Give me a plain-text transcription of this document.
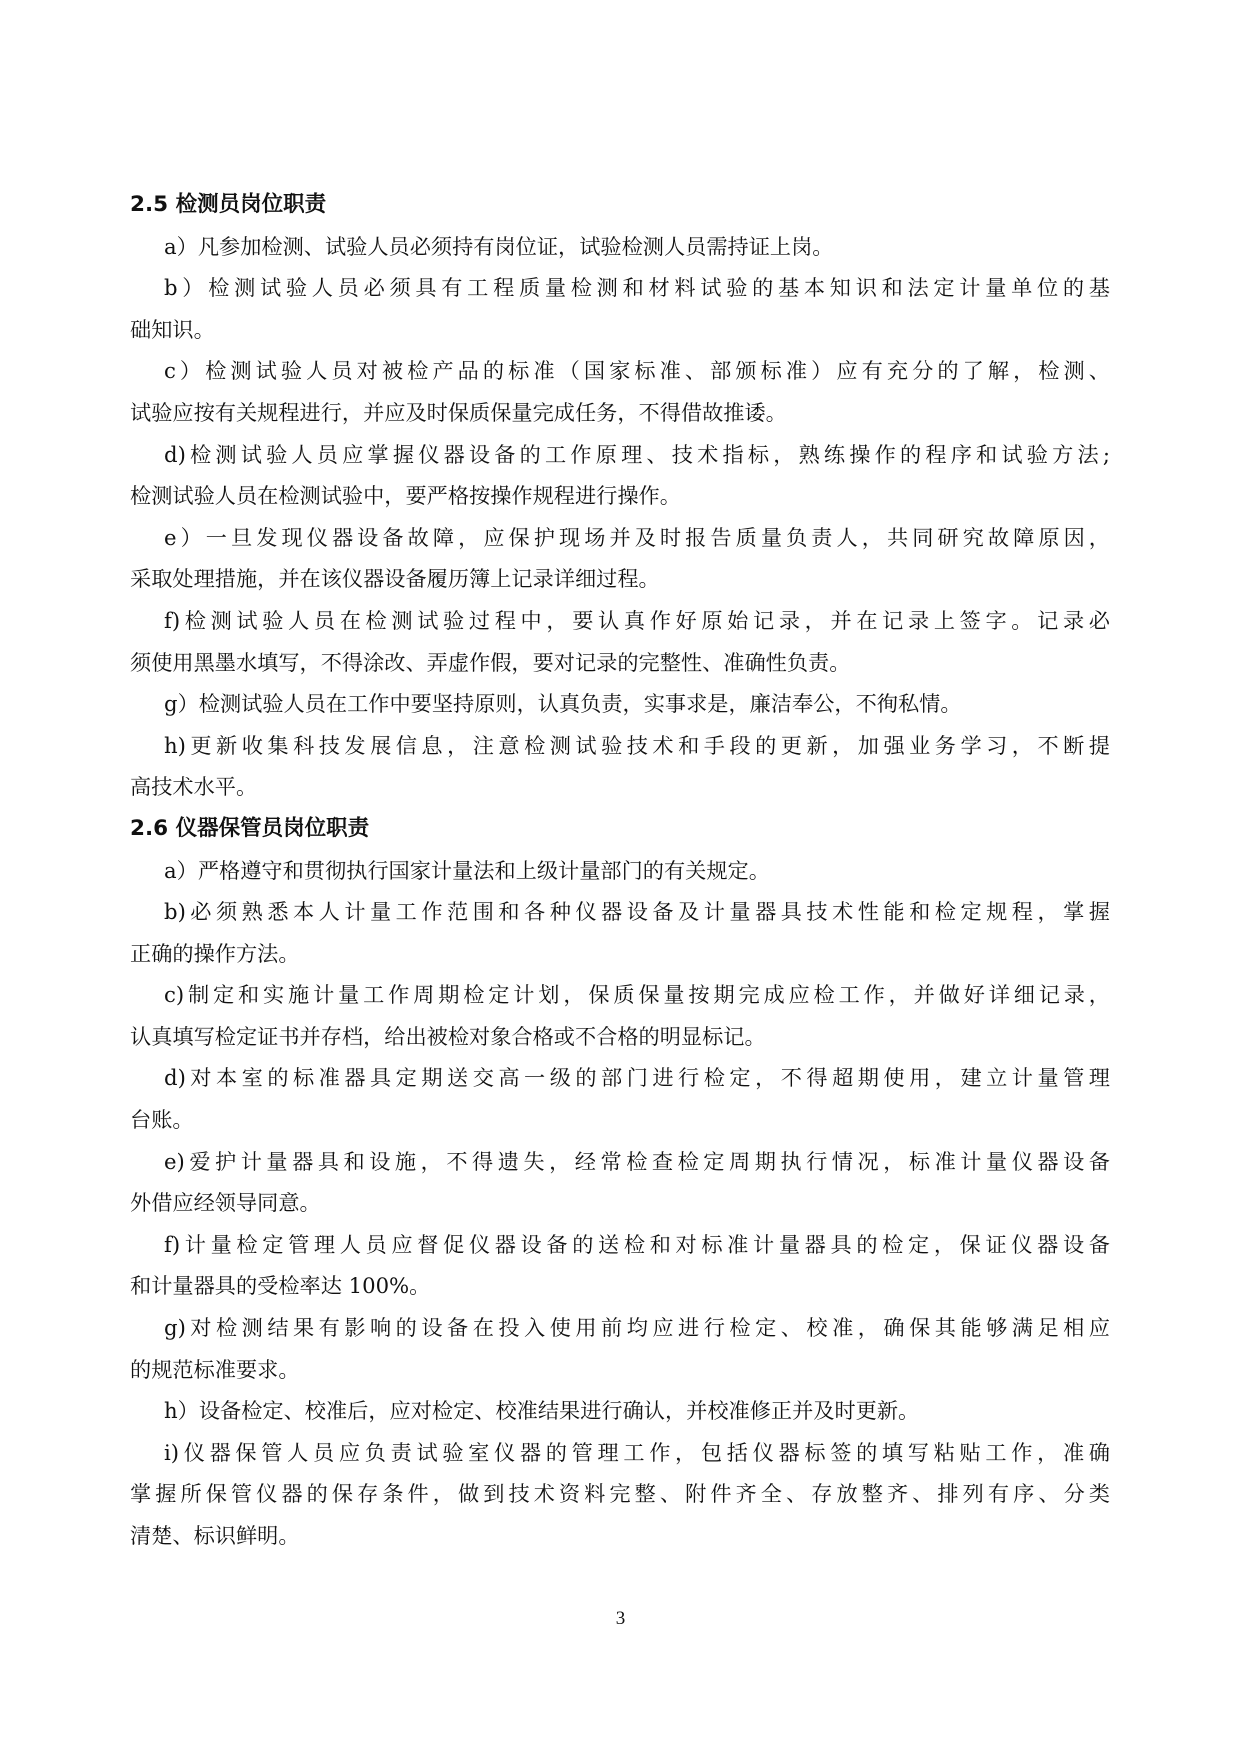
2.5 检测员岗位职责

a）凡参加检测、试验人员必须持有岗位证，试验检测人员需持证上岗。

b）检测试验人员必须具有工程质量检测和材料试验的基本知识和法定计量单位的基
础知识。

c）检测试验人员对被检产品的标准（国家标准、部颁标准）应有充分的了解，检测、
试验应按有关规程进行，并应及时保质保量完成任务，不得借故推诿。

d)检测试验人员应掌握仪器设备的工作原理、技术指标，熟练操作的程序和试验方法;
检测试验人员在检测试验中，要严格按操作规程进行操作。

e）一旦发现仪器设备故障，应保护现场并及时报告质量负责人，共同研究故障原因，
采取处理措施，并在该仪器设备履历簿上记录详细过程。

f)检测试验人员在检测试验过程中，要认真作好原始记录，并在记录上签字。记录必
须使用黑墨水填写，不得涂改、弄虚作假，要对记录的完整性、准确性负责。

g）检测试验人员在工作中要坚持原则，认真负责，实事求是，廉洁奉公，不徇私情。

h)更新收集科技发展信息，注意检测试验技术和手段的更新，加强业务学习，不断提
高技术水平。

2.6 仪器保管员岗位职责

a）严格遵守和贯彻执行国家计量法和上级计量部门的有关规定。

b)必须熟悉本人计量工作范围和各种仪器设备及计量器具技术性能和检定规程，掌握
正确的操作方法。

c)制定和实施计量工作周期检定计划，保质保量按期完成应检工作，并做好详细记录，
认真填写检定证书并存档，给出被检对象合格或不合格的明显标记。

d)对本室的标准器具定期送交高一级的部门进行检定，不得超期使用，建立计量管理
台账。

e)爱护计量器具和设施，不得遗失，经常检查检定周期执行情况，标准计量仪器设备
外借应经领导同意。

f)计量检定管理人员应督促仪器设备的送检和对标准计量器具的检定，保证仪器设备
和计量器具的受检率达 100%。

g)对检测结果有影响的设备在投入使用前均应进行检定、校准，确保其能够满足相应
的规范标准要求。

h）设备检定、校准后，应对检定、校准结果进行确认，并校准修正并及时更新。

i)仪器保管人员应负责试验室仪器的管理工作，包括仪器标签的填写粘贴工作，准确
掌握所保管仪器的保存条件，做到技术资料完整、附件齐全、存放整齐、排列有序、分类
清楚、标识鲜明。

3
